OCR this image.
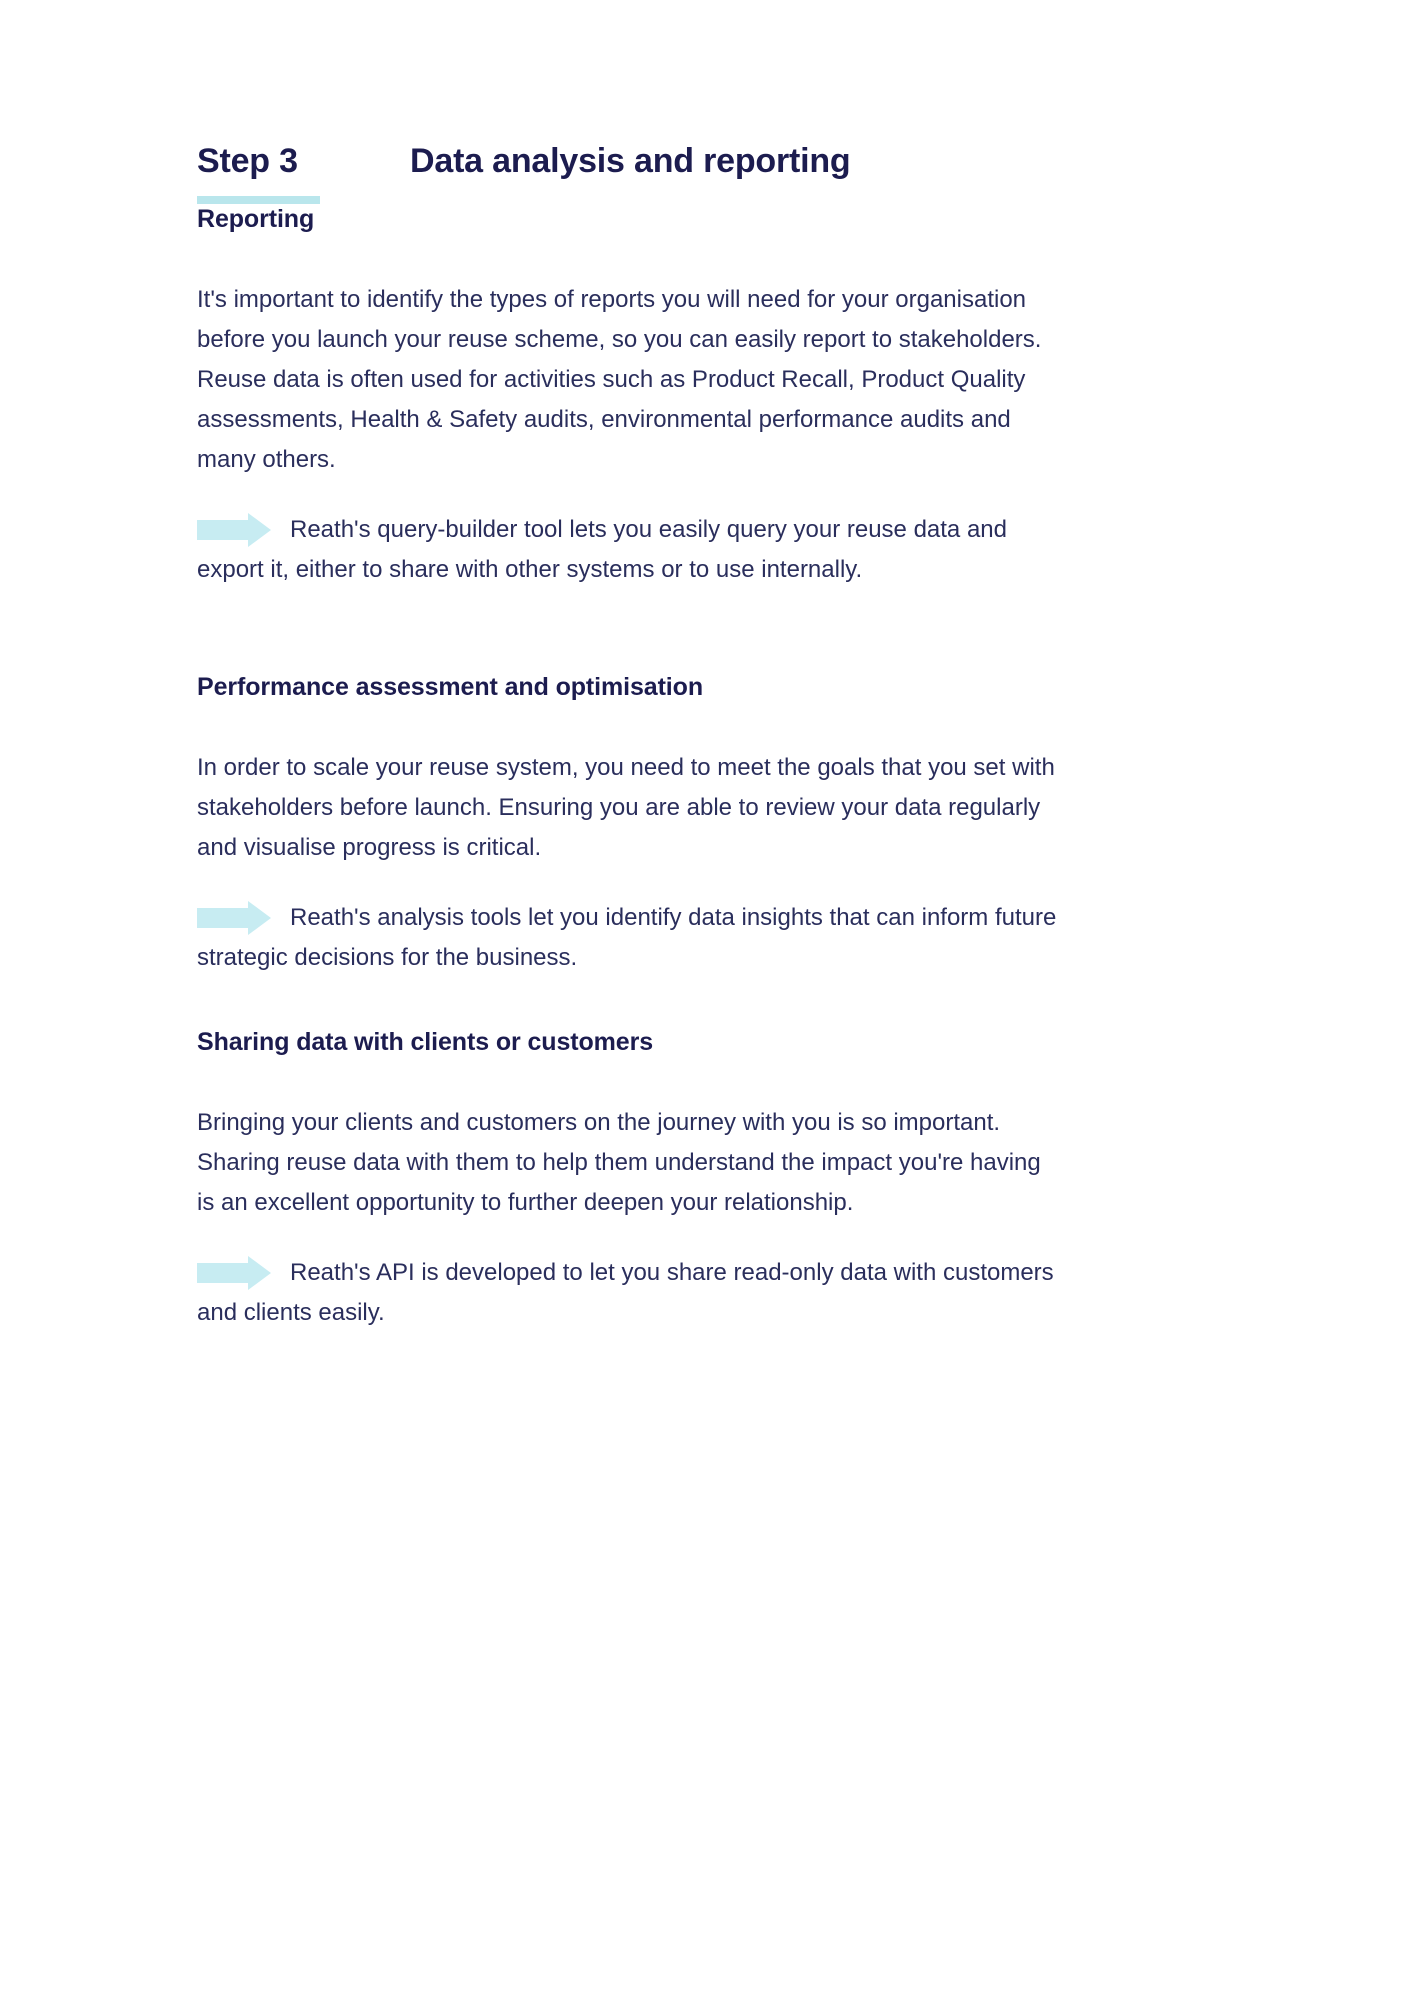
Step 3	Data analysis and reporting
Reporting
It's important to identify the types of reports you will need for your organisation
before you launch your reuse scheme, so you can easily report to stakeholders.
Reuse data is often used for activities such as Product Recall, Product Quality
assessments, Health & Safety audits, environmental performance audits and
many others.
Reath's query-builder tool lets you easily query your reuse data and
export it, either to share with other systems or to use internally.
Performance assessment and optimisation
In order to scale your reuse system, you need to meet the goals that you set with
stakeholders before launch. Ensuring you are able to review your data regularly
and visualise progress is critical.
Reath's analysis tools let you identify data insights that can inform future
strategic decisions for the business.
Sharing data with clients or customers
Bringing your clients and customers on the journey with you is so important.
Sharing reuse data with them to help them understand the impact you're having
is an excellent opportunity to further deepen your relationship.
Reath's API is developed to let you share read-only data with customers
and clients easily.
